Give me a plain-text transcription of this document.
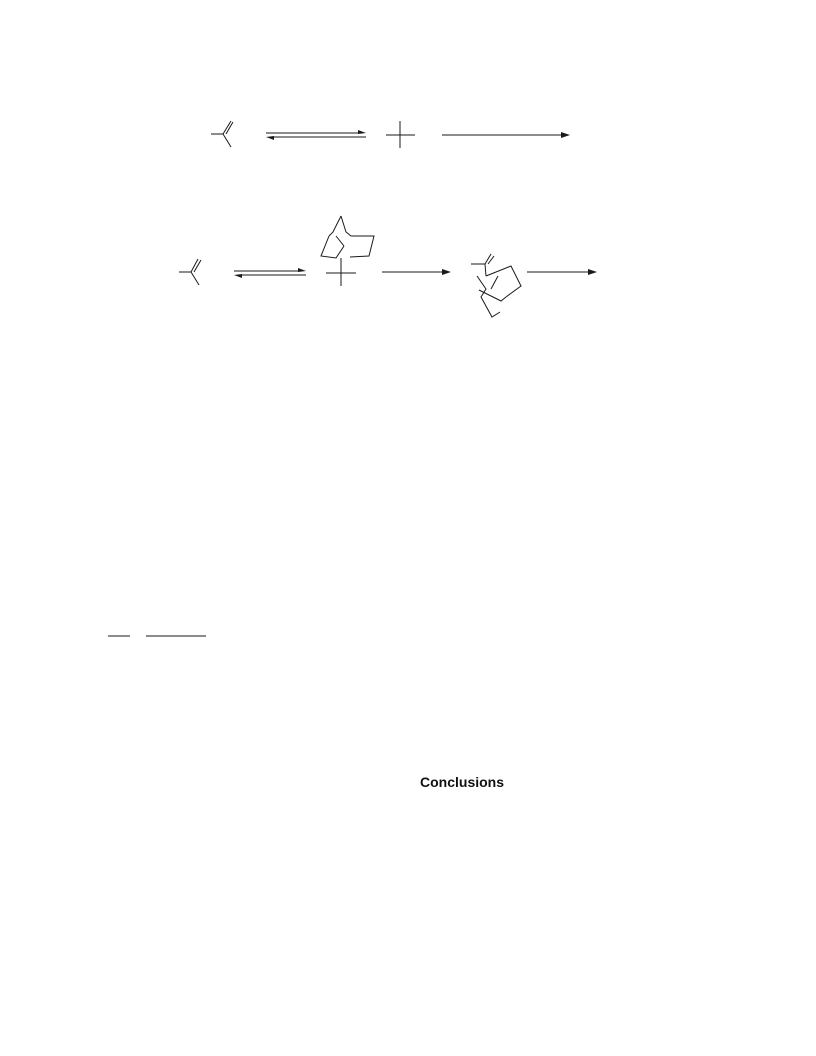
Conclusions
